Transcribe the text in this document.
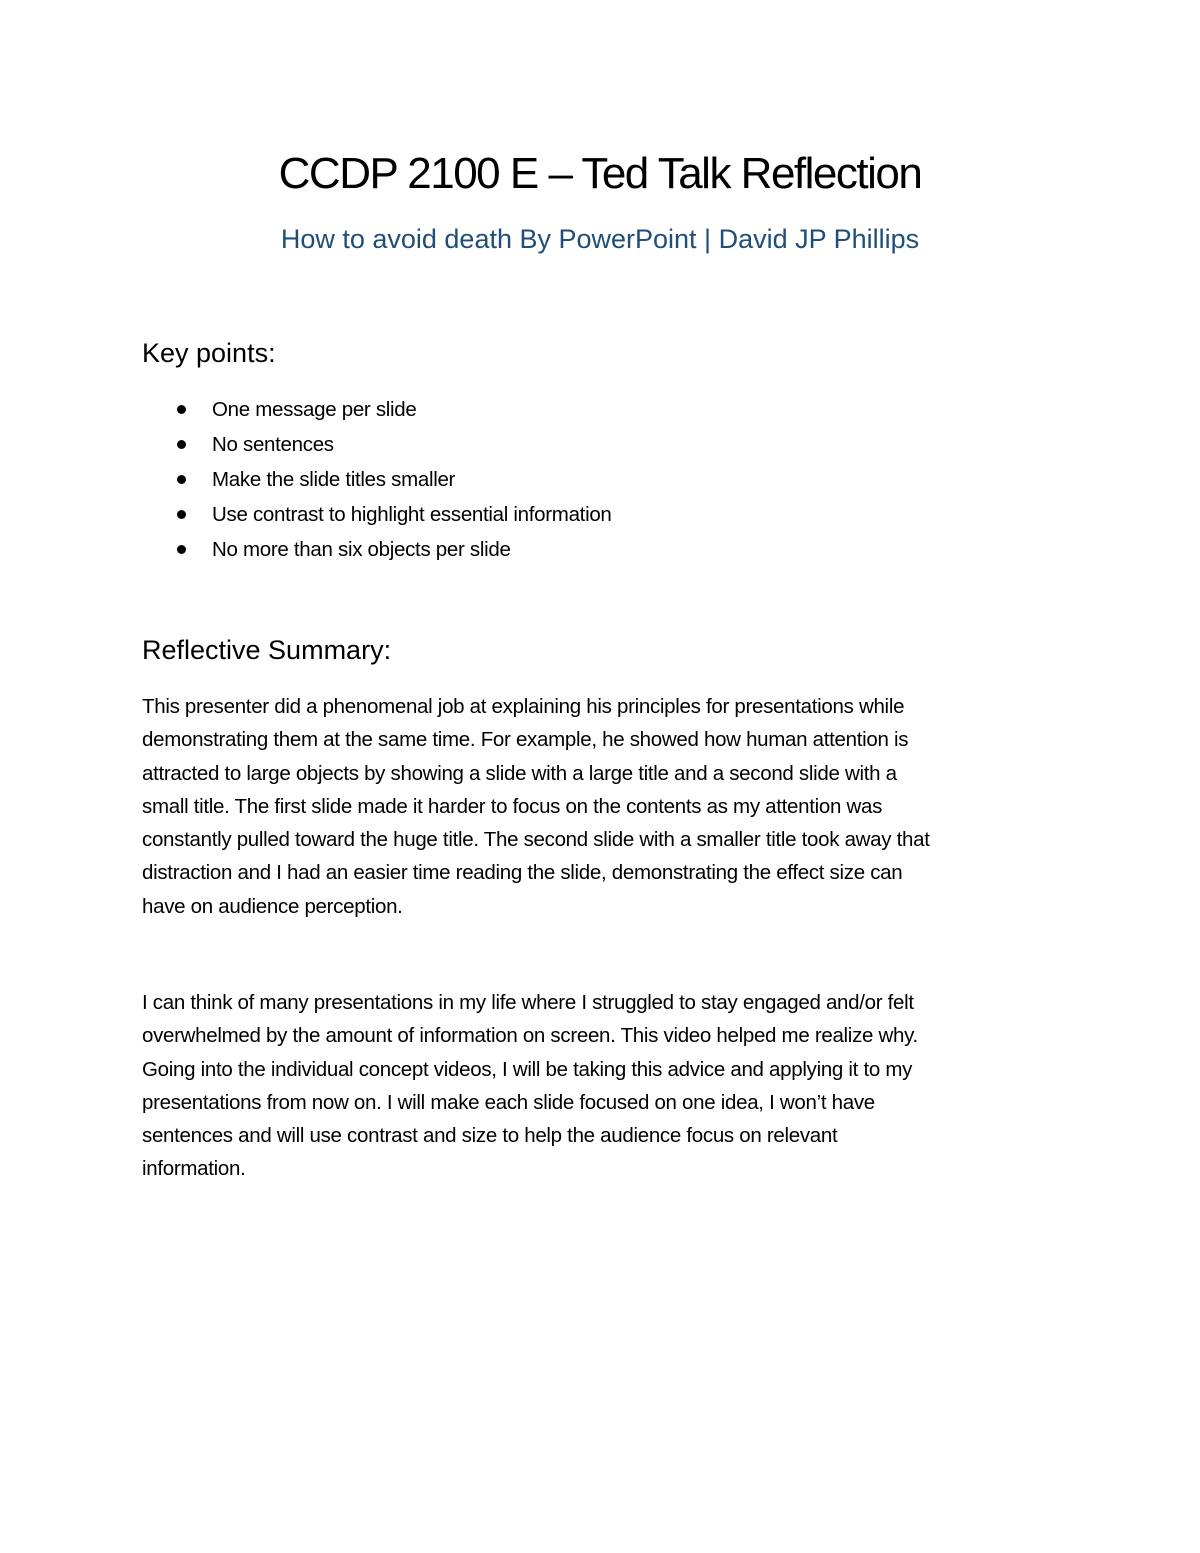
CCDP 2100 E – Ted Talk Reflection
How to avoid death By PowerPoint | David JP Phillips
Key points:
One message per slide
No sentences
Make the slide titles smaller
Use contrast to highlight essential information
No more than six objects per slide
Reflective Summary:

This presenter did a phenomenal job at explaining his principles for presentations while
demonstrating them at the same time. For example, he showed how human attention is
attracted to large objects by showing a slide with a large title and a second slide with a
small title. The first slide made it harder to focus on the contents as my attention was
constantly pulled toward the huge title. The second slide with a smaller title took away that
distraction and I had an easier time reading the slide, demonstrating the effect size can
have on audience perception.

I can think of many presentations in my life where I struggled to stay engaged and/or felt
overwhelmed by the amount of information on screen. This video helped me realize why.
Going into the individual concept videos, I will be taking this advice and applying it to my
presentations from now on. I will make each slide focused on one idea, I won’t have
sentences and will use contrast and size to help the audience focus on relevant
information.
